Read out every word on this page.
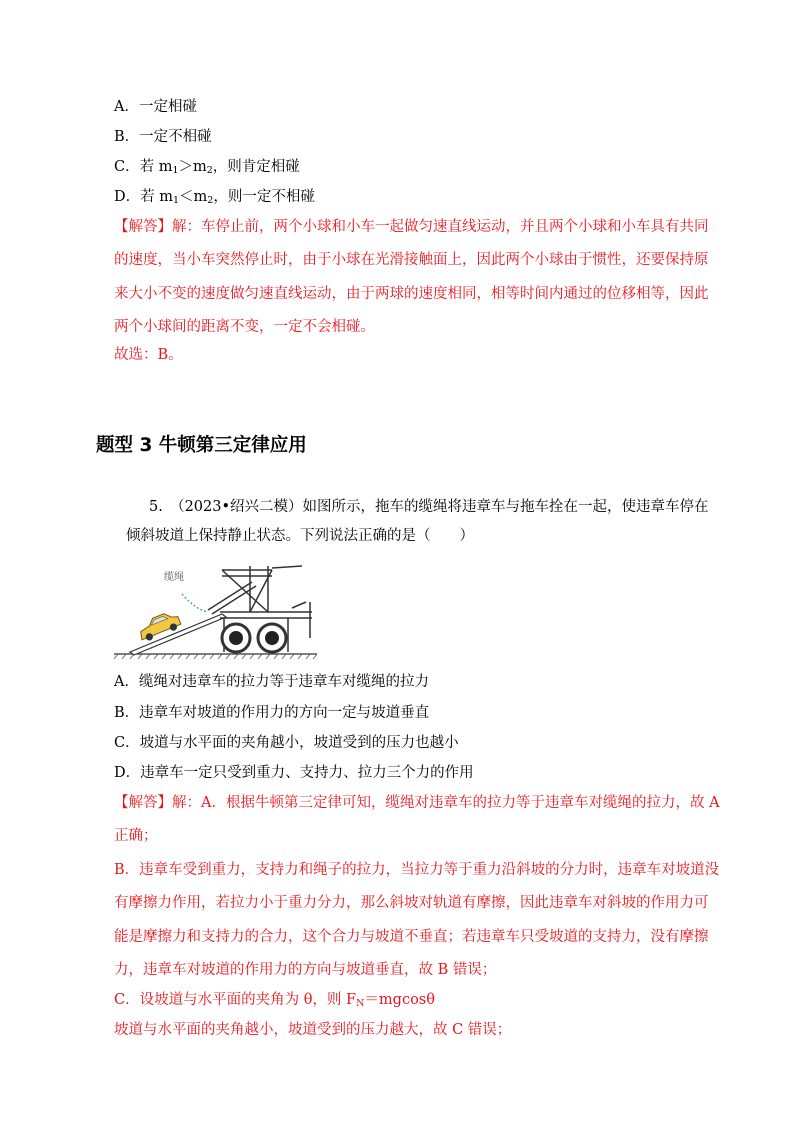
A．一定相碰
B．一定不相碰
C．若 $m_1>m_2$，则肯定相碰
D．若 $m_1<m_2$，则一定不相碰
【解答】解：车停止前，两个小球和小车一起做匀速直线运动，并且两个小球和小车具有共同
的速度，当小车突然停止时，由于小球在光滑接触面上，因此两个小球由于惯性，还要保持原
来大小不变的速度做匀速直线运动，由于两球的速度相同，相等时间内通过的位移相等，因此
两个小球间的距离不变，一定不会相碰。
故选：B。
题型 3 牛顿第三定律应用
5.　（2023•绍兴二模）如图所示，拖车的缆绳将违章车与拖车拴在一起，使违章车停在
倾斜坡道上保持静止状态。下列说法正确的是（　　）
缆绳
A．缆绳对违章车的拉力等于违章车对缆绳的拉力
B．违章车对坡道的作用力的方向一定与坡道垂直
C．坡道与水平面的夹角越小，坡道受到的压力也越小
D．违章车一定只受到重力、支持力、拉力三个力的作用
【解答】解：A．根据牛顿第三定律可知，缆绳对违章车的拉力等于违章车对缆绳的拉力，故 A
正确；
B．违章车受到重力，支持力和绳子的拉力，当拉力等于重力沿斜坡的分力时，违章车对坡道没
有摩擦力作用，若拉力小于重力分力，那么斜坡对轨道有摩擦，因此违章车对斜坡的作用力可
能是摩擦力和支持力的合力，这个合力与坡道不垂直；若违章车只受坡道的支持力，没有摩擦
力，违章车对坡道的作用力的方向与坡道垂直，故 B 错误；
C．设坡道与水平面的夹角为 θ，则 $F_N=mgcos\theta$
坡道与水平面的夹角越小，坡道受到的压力越大，故 C 错误；
